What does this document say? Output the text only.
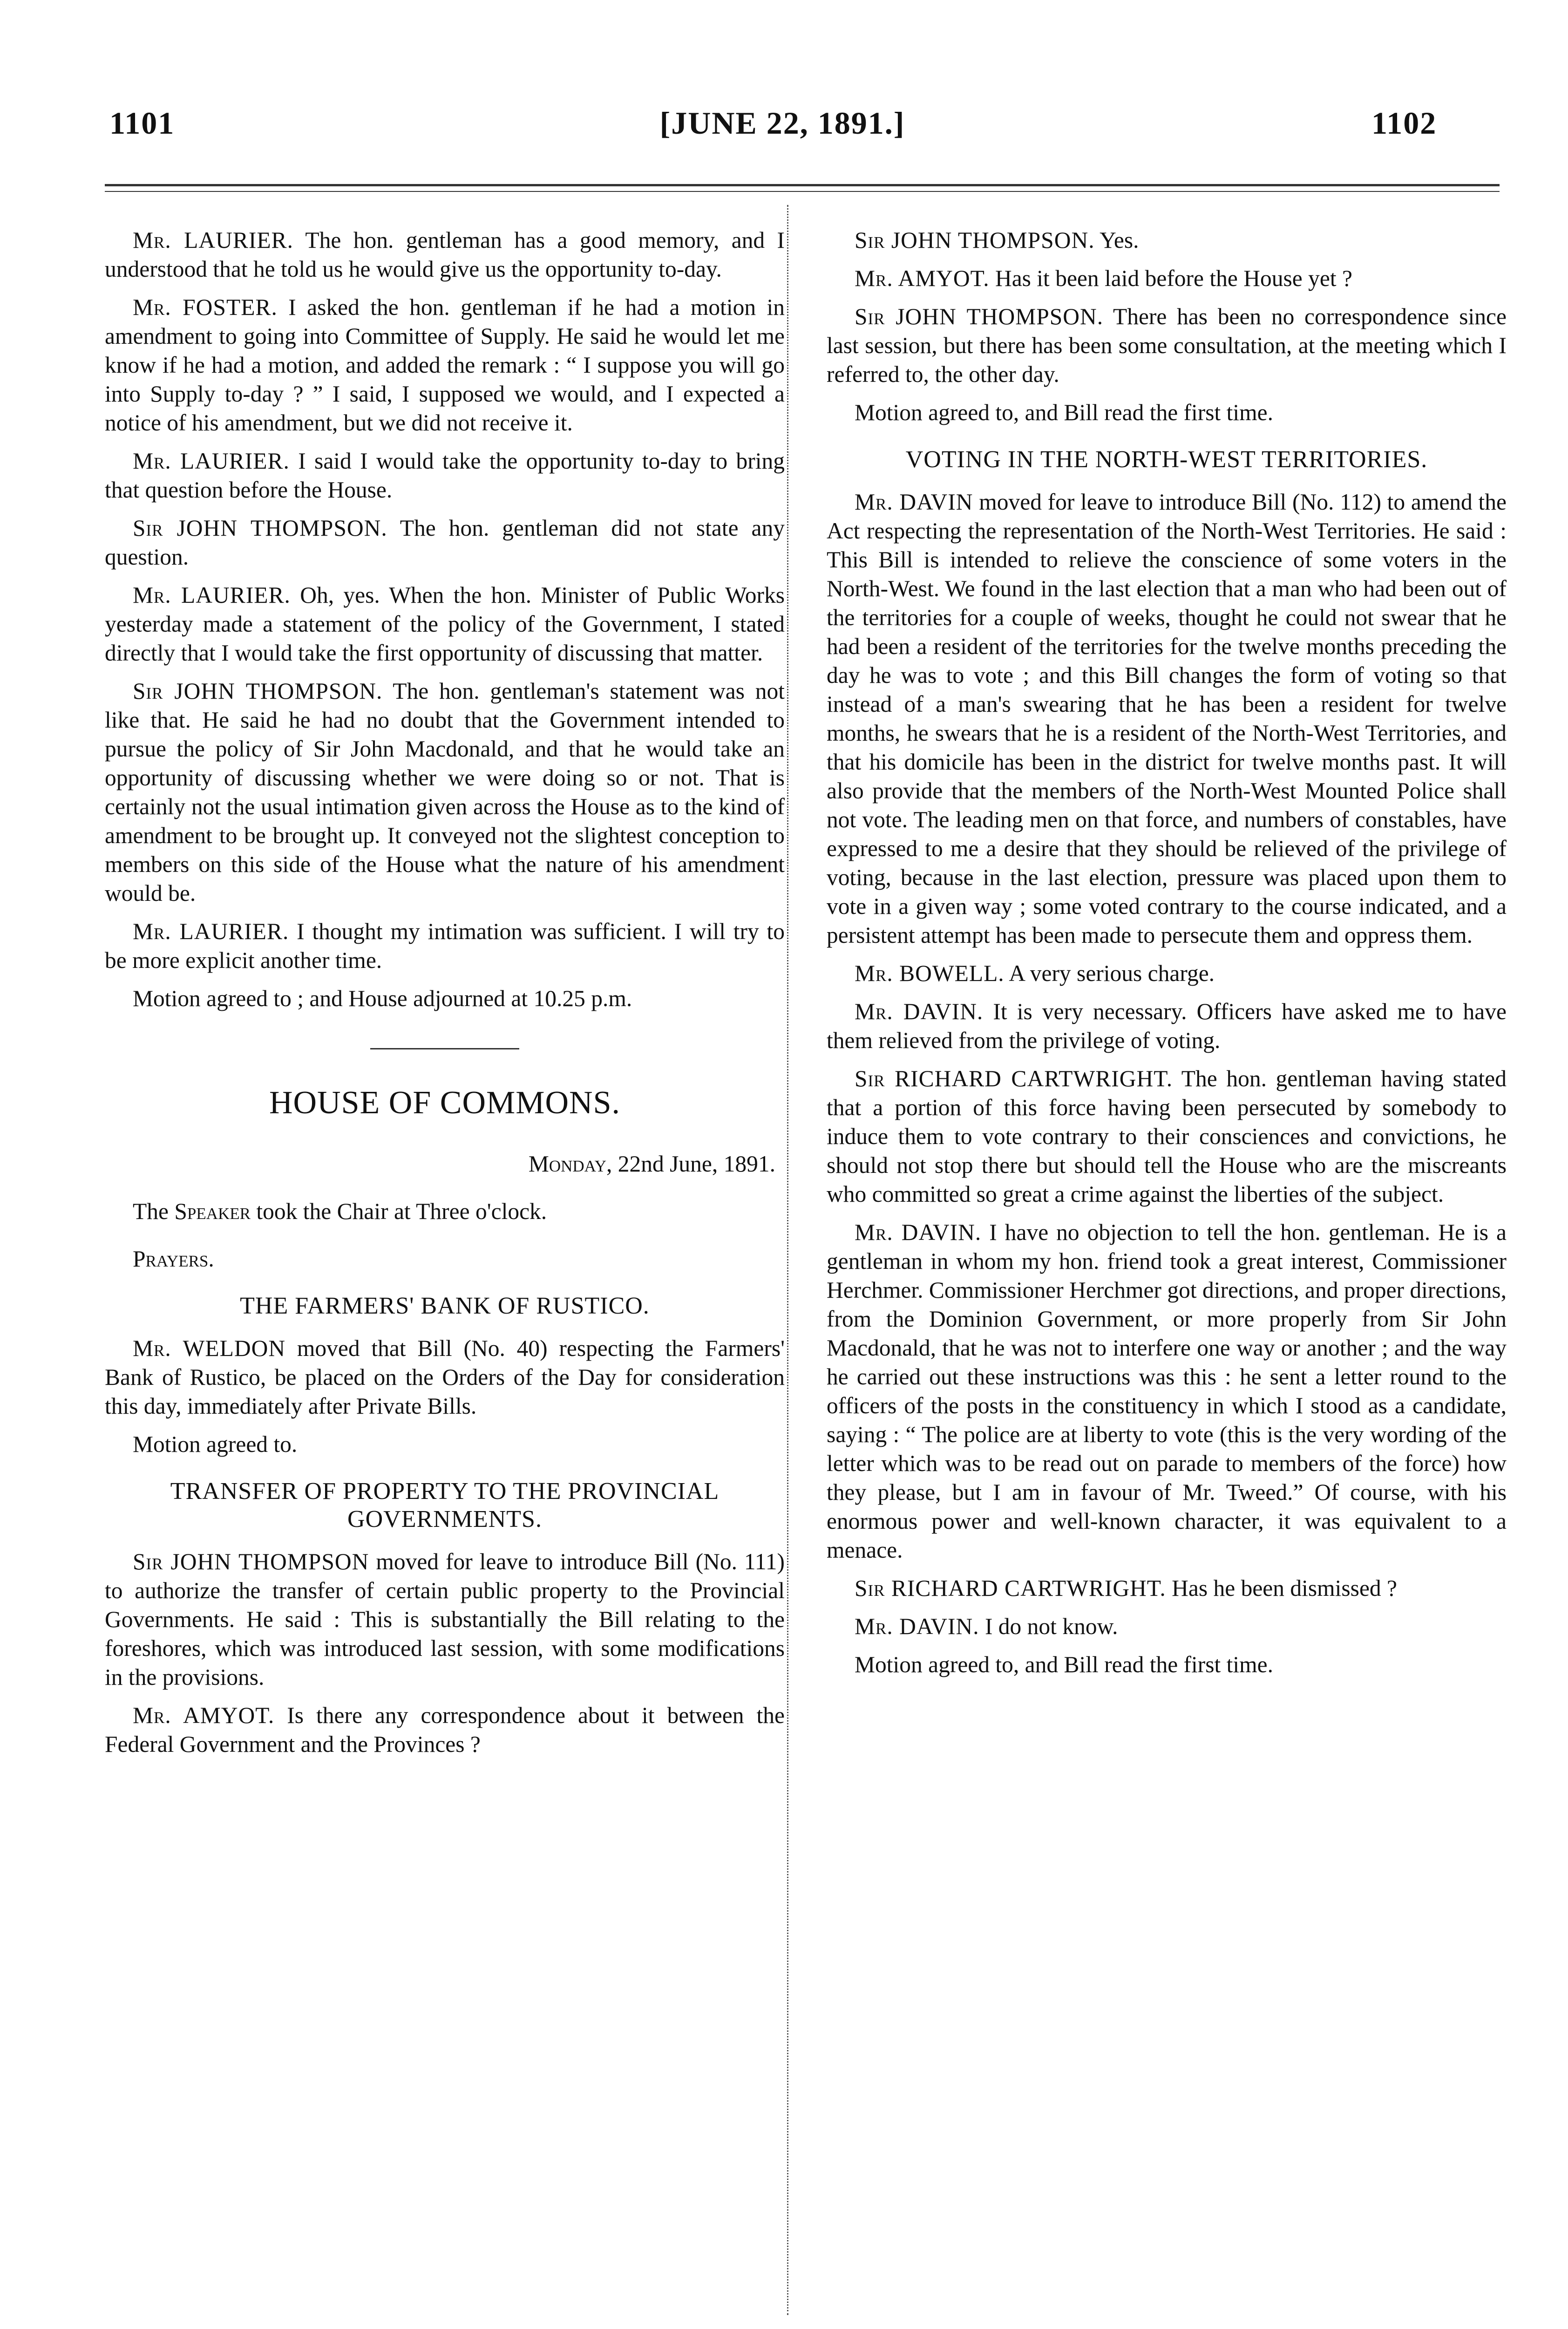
1101	[JUNE 22, 1891.]	1102

Mr. LAURIER. The hon. gentleman has a good memory, and I understood that he told us he would give us the opportunity to-day.

Mr. FOSTER. I asked the hon. gentleman if he had a motion in amendment to going into Committee of Supply. He said he would let me know if he had a motion, and added the remark : “ I suppose you will go into Supply to-day ? ” I said, I supposed we would, and I expected a notice of his amendment, but we did not receive it.

Mr. LAURIER. I said I would take the opportunity to-day to bring that question before the House.

Sir JOHN THOMPSON. The hon. gentleman did not state any question.

Mr. LAURIER. Oh, yes. When the hon. Minister of Public Works yesterday made a statement of the policy of the Government, I stated directly that I would take the first opportunity of discussing that matter.

Sir JOHN THOMPSON. The hon. gentleman's statement was not like that. He said he had no doubt that the Government intended to pursue the policy of Sir John Macdonald, and that he would take an opportunity of discussing whether we were doing so or not. That is certainly not the usual intimation given across the House as to the kind of amendment to be brought up. It conveyed not the slightest conception to members on this side of the House what the nature of his amendment would be.

Mr. LAURIER. I thought my intimation was sufficient. I will try to be more explicit another time.

Motion agreed to ; and House adjourned at 10.25 p.m.

HOUSE OF COMMONS.
Monday, 22nd June, 1891.

The Speaker took the Chair at Three o'clock.

Prayers.
THE FARMERS' BANK OF RUSTICO.

Mr. WELDON moved that Bill (No. 40) respecting the Farmers' Bank of Rustico, be placed on the Orders of the Day for consideration this day, immediately after Private Bills.

Motion agreed to.

TRANSFER OF PROPERTY TO THE PROVINCIAL GOVERNMENTS.

Sir JOHN THOMPSON moved for leave to introduce Bill (No. 111) to authorize the transfer of certain public property to the Provincial Governments. He said : This is substantially the Bill relating to the foreshores, which was introduced last session, with some modifications in the provisions.

Mr. AMYOT. Is there any correspondence about it between the Federal Government and the Provinces ?

Sir JOHN THOMPSON. Yes.

Mr. AMYOT. Has it been laid before the House yet ?

Sir JOHN THOMPSON. There has been no correspondence since last session, but there has been some consultation, at the meeting which I referred to, the other day.

Motion agreed to, and Bill read the first time.

VOTING IN THE NORTH-WEST TERRITORIES.

Mr. DAVIN moved for leave to introduce Bill (No. 112) to amend the Act respecting the representation of the North-West Territories. He said : This Bill is intended to relieve the conscience of some voters in the North-West. We found in the last election that a man who had been out of the territories for a couple of weeks, thought he could not swear that he had been a resident of the territories for the twelve months preceding the day he was to vote ; and this Bill changes the form of voting so that instead of a man's swearing that he has been a resident for twelve months, he swears that he is a resident of the North-West Territories, and that his domicile has been in the district for twelve months past. It will also provide that the members of the North-West Mounted Police shall not vote. The leading men on that force, and numbers of constables, have expressed to me a desire that they should be relieved of the privilege of voting, because in the last election, pressure was placed upon them to vote in a given way ; some voted contrary to the course indicated, and a persistent attempt has been made to persecute them and oppress them.

Mr. BOWELL. A very serious charge.

Mr. DAVIN. It is very necessary. Officers have asked me to have them relieved from the privilege of voting.

Sir RICHARD CARTWRIGHT. The hon. gentleman having stated that a portion of this force having been persecuted by somebody to induce them to vote contrary to their consciences and convictions, he should not stop there but should tell the House who are the miscreants who committed so great a crime against the liberties of the subject.

Mr. DAVIN. I have no objection to tell the hon. gentleman. He is a gentleman in whom my hon. friend took a great interest, Commissioner Herchmer. Commissioner Herchmer got directions, and proper directions, from the Dominion Government, or more properly from Sir John Macdonald, that he was not to interfere one way or another ; and the way he carried out these instructions was this : he sent a letter round to the officers of the posts in the constituency in which I stood as a candidate, saying : “ The police are at liberty to vote (this is the very wording of the letter which was to be read out on parade to members of the force) how they please, but I am in favour of Mr. Tweed.” Of course, with his enormous power and well-known character, it was equivalent to a menace.

Sir RICHARD CARTWRIGHT. Has he been dismissed ?

Mr. DAVIN. I do not know.

Motion agreed to, and Bill read the first time.
